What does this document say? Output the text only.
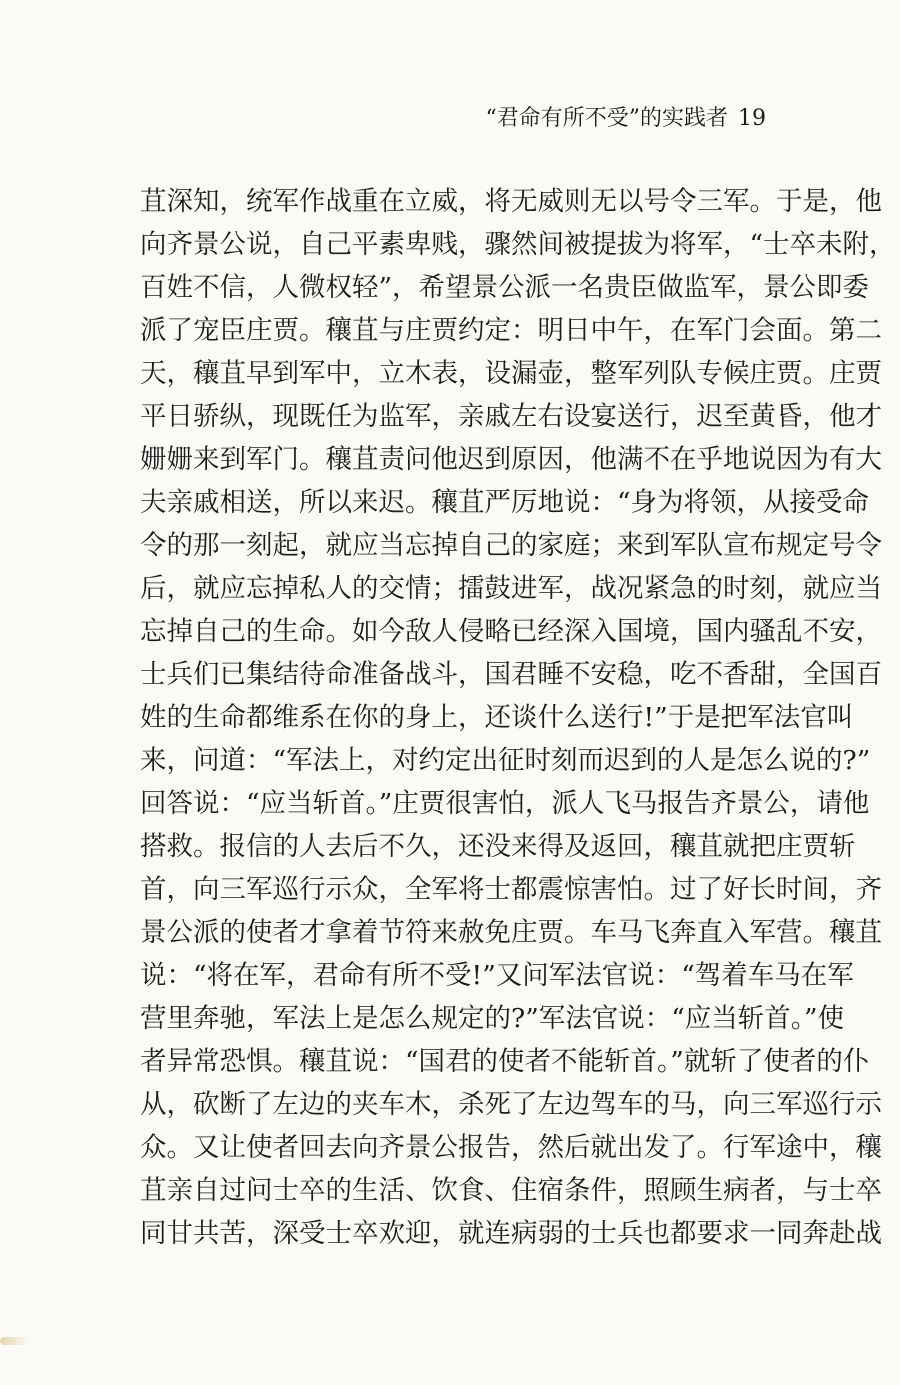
“君命有所不受”的实践者 19
苴深知，统军作战重在立威，将无威则无以号令三军。于是，他
向齐景公说，自己平素卑贱，骤然间被提拔为将军，“士卒未附，
百姓不信，人微权轻”，希望景公派一名贵臣做监军，景公即委
派了宠臣庄贾。穰苴与庄贾约定：明日中午，在军门会面。第二
天，穰苴早到军中，立木表，设漏壶，整军列队专候庄贾。庄贾
平日骄纵，现既任为监军，亲戚左右设宴送行，迟至黄昏，他才
姗姗来到军门。穰苴责问他迟到原因，他满不在乎地说因为有大
夫亲戚相送，所以来迟。穰苴严厉地说：“身为将领，从接受命
令的那一刻起，就应当忘掉自己的家庭；来到军队宣布规定号令
后，就应忘掉私人的交情；擂鼓进军，战况紧急的时刻，就应当
忘掉自己的生命。如今敌人侵略已经深入国境，国内骚乱不安，
士兵们已集结待命准备战斗，国君睡不安稳，吃不香甜，全国百
姓的生命都维系在你的身上，还谈什么送行!”于是把军法官叫
来，问道：“军法上，对约定出征时刻而迟到的人是怎么说的?”
回答说：“应当斩首。”庄贾很害怕，派人飞马报告齐景公，请他
搭救。报信的人去后不久，还没来得及返回，穰苴就把庄贾斩
首，向三军巡行示众，全军将士都震惊害怕。过了好长时间，齐
景公派的使者才拿着节符来赦免庄贾。车马飞奔直入军营。穰苴
说：“将在军，君命有所不受!”又问军法官说：“驾着车马在军
营里奔驰，军法上是怎么规定的?”军法官说：“应当斩首。”使
者异常恐惧。穰苴说：“国君的使者不能斩首。”就斩了使者的仆
从，砍断了左边的夹车木，杀死了左边驾车的马，向三军巡行示
众。又让使者回去向齐景公报告，然后就出发了。行军途中，穰
苴亲自过问士卒的生活、饮食、住宿条件，照顾生病者，与士卒
同甘共苦，深受士卒欢迎，就连病弱的士兵也都要求一同奔赴战
